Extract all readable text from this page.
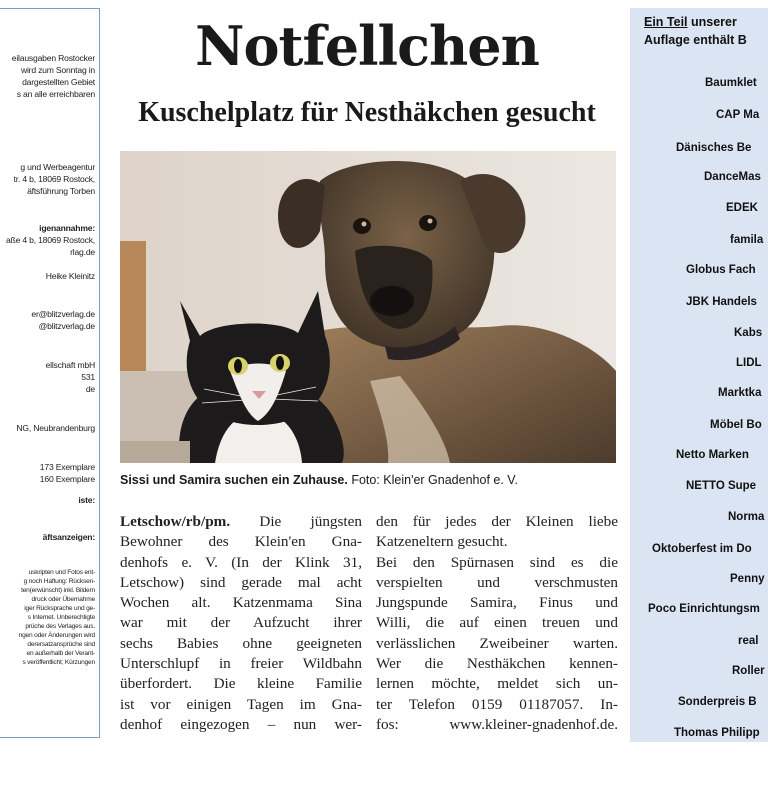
eilausgaben Rostocker
wird zum Sonntag in
dargestellten Gebiet
s an alle erreichbaren
g und Werbeagentur
tr. 4 b, 18069 Rostock,
äftsführung Torben
igenannahme:
aße 4 b, 18069 Rostock,
rlag.de
Heike Kleinitz
er@blitzverlag.de
@blitzverlag.de
ellschaft mbH
531
de
NG, Neubrandenburg
173 Exemplare
160 Exemplare
iste:
äftsanzeigen:
uskripten und Fotos ent-
g noch Haftung: Rücksen-
ten(erwünscht) inkl. Bildern
druck oder Übernahme
iger Rücksprache und ge-
s Internet. Unberechtigte
prüche des Verlages aus.
ngen oder Änderungen wird
derersatzansprüche sind
en außerhalb der Verant-
s veröffentlicht; Kürzungen
Notfellchen
Kuschelplatz für Nesthäkchen gesucht
Sissi und Samira suchen ein Zuhause. Foto: Klein'er Gnadenhof e. V.
Letschow/rb/pm. Die jüngsten
Bewohner des Klein'en Gna-
denhofs e. V. (In der Klink 31,
Letschow) sind gerade mal acht
Wochen alt. Katzenmama Sina
war mit der Aufzucht ihrer
sechs Babies ohne geeigneten
Unterschlupf in freier Wildbahn
überfordert. Die kleine Familie
ist vor einigen Tagen im Gna-
denhof eingezogen – nun wer-
den für jedes der Kleinen liebe
Katzeneltern gesucht.
Bei den Spürnasen sind es die
verspielten und verschmusten
Jungspunde Samira, Finus und
Willi, die auf einen treuen und
verlässlichen Zweibeiner warten.
Wer die Nesthäkchen kennen-
lernen möchte, meldet sich un-
ter Telefon 0159 01187057. In-
fos: www.kleiner-gnadenhof.de.
Ein Teil unserer
Auflage enthält B
Baumklet
CAP Ma
Dänisches Be
DanceMas
EDEK
famila
Globus Fach
JBK Handels
Kabs
LIDL
Marktka
Möbel Bo
Netto Marken
NETTO Supe
Norma
Oktoberfest im Do
Penny
Poco Einrichtungsm
real
Roller
Sonderpreis B
Thomas Philipp
